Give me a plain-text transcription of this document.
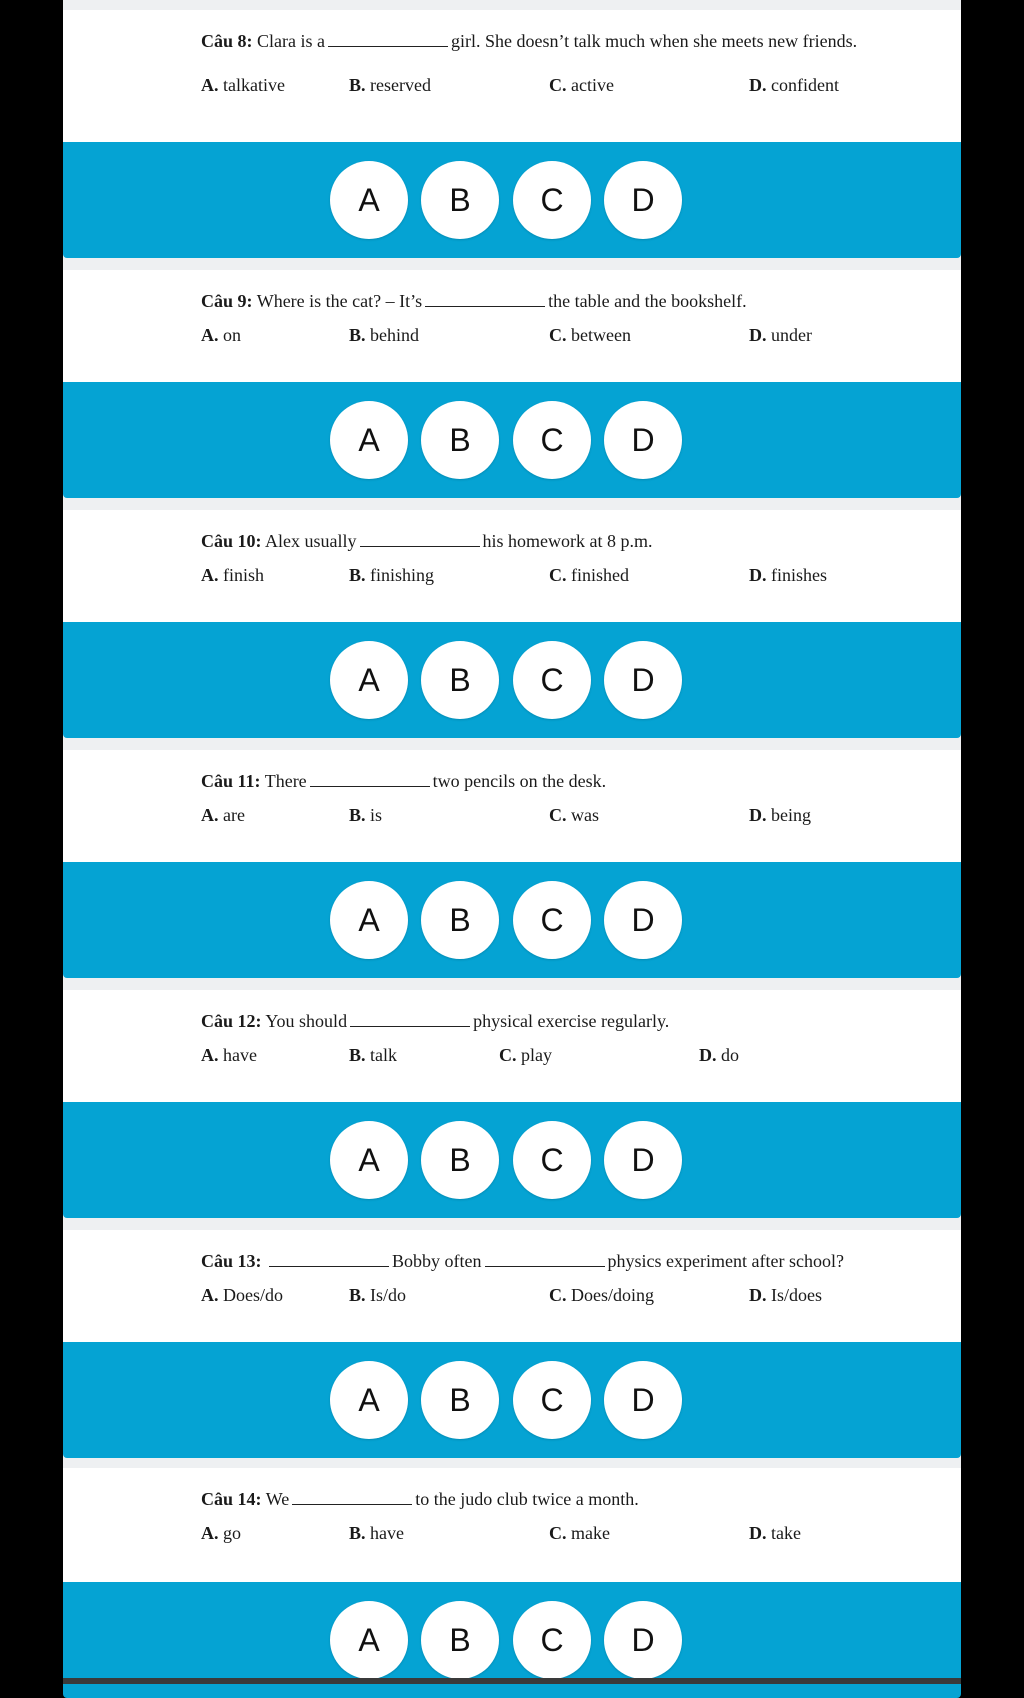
Câu 8: Clara is a	girl. She doesn’t talk much when she meets new friends.
A. talkative	B. reserved	C. active	D. confident
A	B	C	D
Câu 9: Where is the cat? – It’s	the table and the bookshelf.
A. on	B. behind	C. between	D. under
A	B	C	D
Câu 10: Alex usually	his homework at 8 p.m.
A. finish	B. finishing	C. finished	D. finishes
A	B	C	D
Câu 11: There	two pencils on the desk.
A. are	B. is	C. was	D. being
A	B	C	D
Câu 12: You should	physical exercise regularly.
A. have	B. talk	C. play	D. do
A	B	C	D
Câu 13:	Bobby often	physics experiment after school?
A. Does/do	B. Is/do	C. Does/doing	D. Is/does
A	B	C	D
Câu 14: We	to the judo club twice a month.
A. go	B. have	C. make	D. take
A	B	C	D
